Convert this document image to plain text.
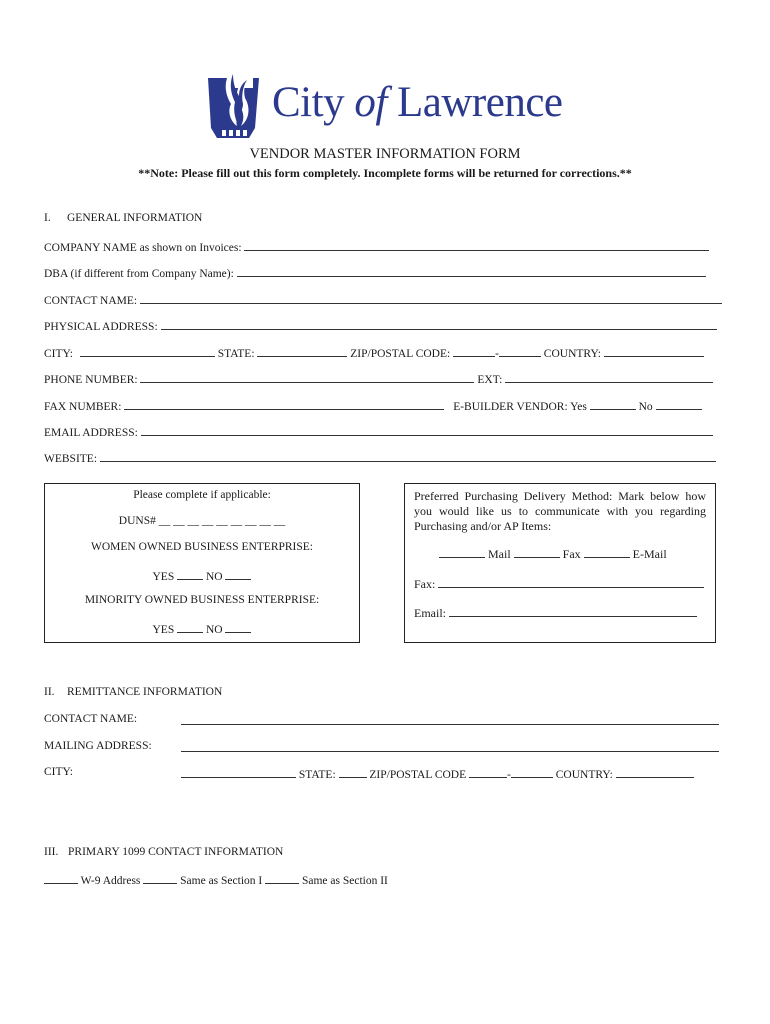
City of Lawrence
VENDOR MASTER INFORMATION FORM
**Note: Please fill out this form completely. Incomplete forms will be returned for corrections.**
I. GENERAL INFORMATION
COMPANY NAME as shown on Invoices:
DBA (if different from Company Name):
CONTACT NAME:
PHYSICAL ADDRESS:
CITY:	STATE:	ZIP/POSTAL CODE:	-	COUNTRY:
PHONE NUMBER:	EXT:
FAX NUMBER:	E-BUILDER VENDOR: Yes	No
EMAIL ADDRESS:
WEBSITE:
Please complete if applicable:
DUNS# __ __ __ __ __ __ __ __ __
WOMEN OWNED BUSINESS ENTERPRISE:
YES	NO
MINORITY OWNED BUSINESS ENTERPRISE:
YES	NO
Preferred Purchasing Delivery Method: Mark below how you would like us to communicate with you regarding Purchasing and/or AP Items:
Mail	Fax	E-Mail
Fax:
Email:
II. REMITTANCE INFORMATION
CONTACT NAME:
MAILING ADDRESS:
CITY:	STATE:	ZIP/POSTAL CODE	-	COUNTRY:
III. PRIMARY 1099 CONTACT INFORMATION
W-9 Address	Same as Section I	Same as Section II
